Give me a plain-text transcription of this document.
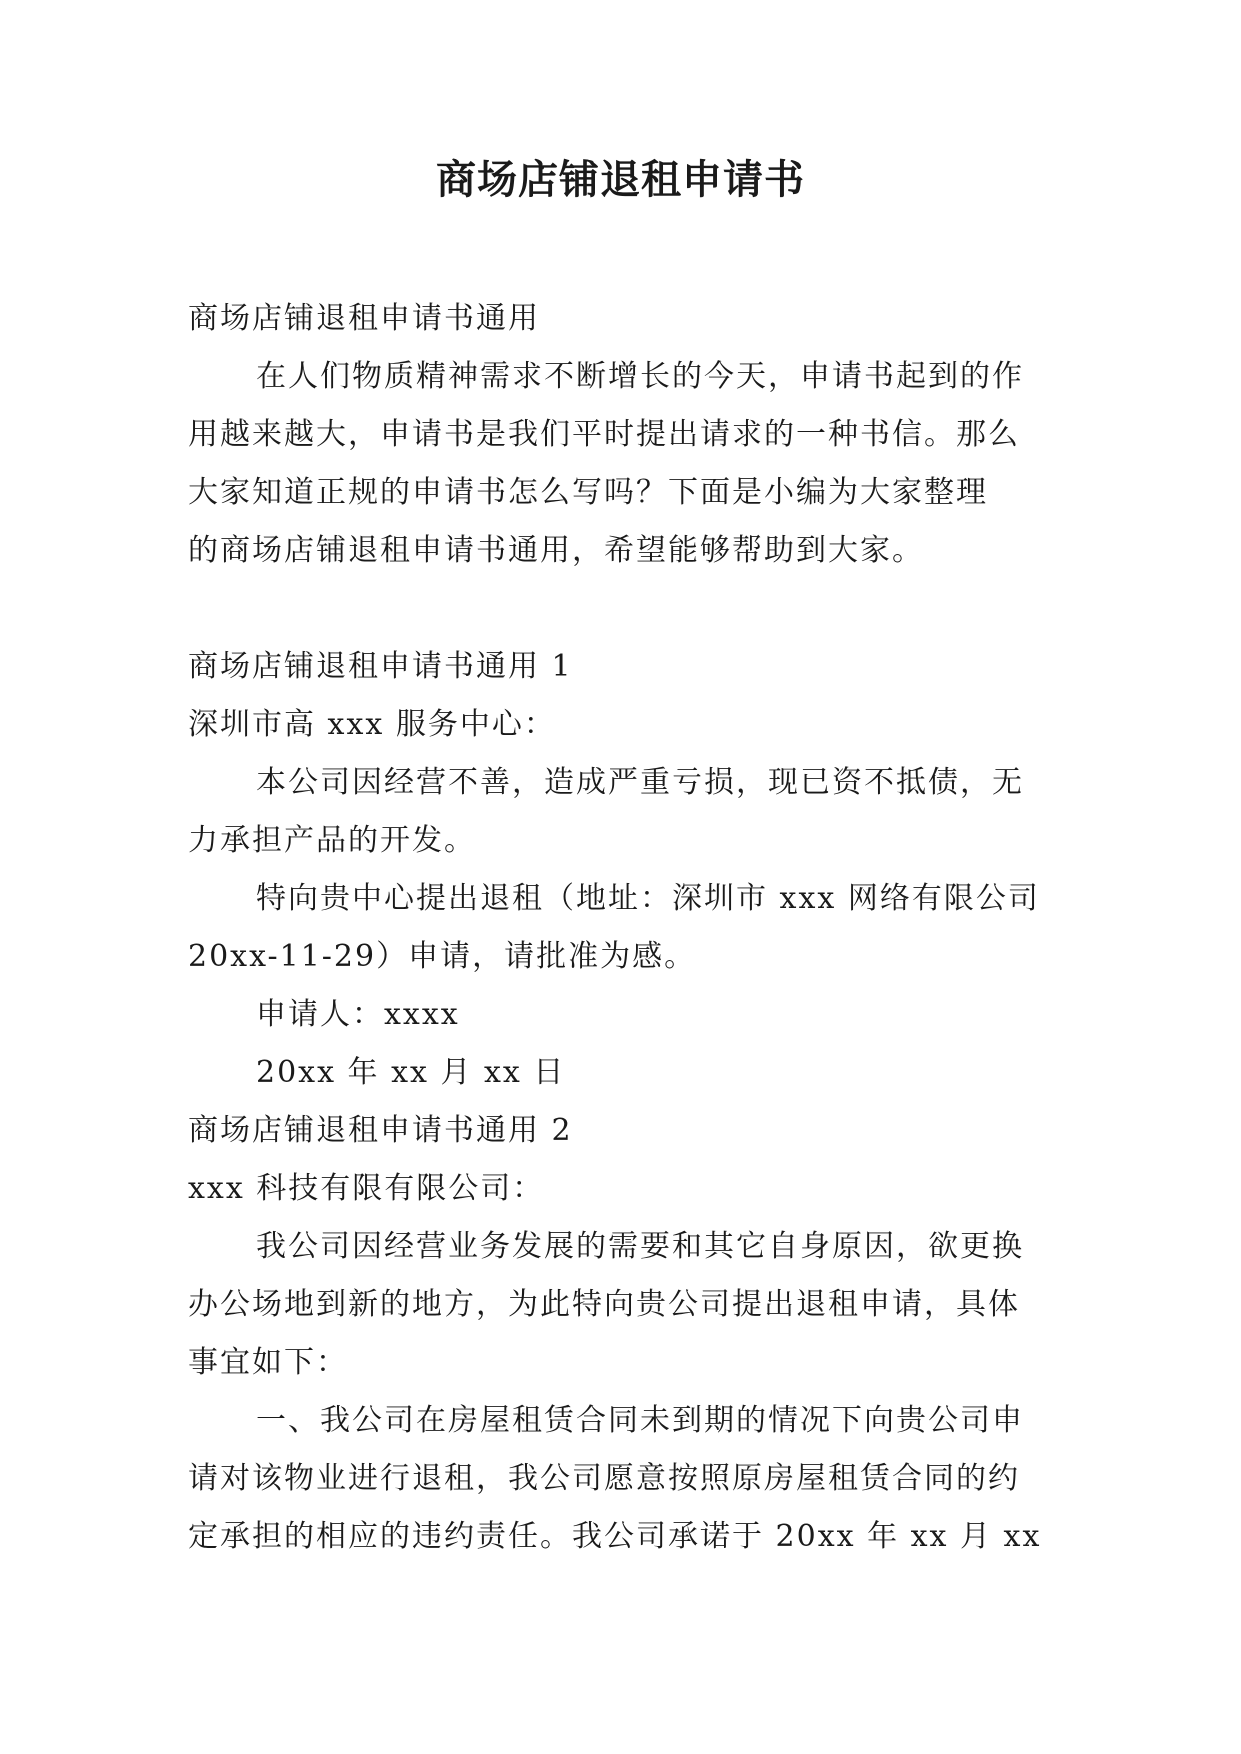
商场店铺退租申请书
商场店铺退租申请书通用
在人们物质精神需求不断增长的今天，申请书起到的作
用越来越大，申请书是我们平时提出请求的一种书信。那么
大家知道正规的申请书怎么写吗？下面是小编为大家整理
的商场店铺退租申请书通用，希望能够帮助到大家。
商场店铺退租申请书通用 1
深圳市高 xxx 服务中心：
本公司因经营不善，造成严重亏损，现已资不抵债，无
力承担产品的开发。
特向贵中心提出退租（地址：深圳市 xxx 网络有限公司
20xx-11-29）申请，请批准为感。
申请人：xxxx
20xx 年 xx 月 xx 日
商场店铺退租申请书通用 2
xxx 科技有限有限公司：
我公司因经营业务发展的需要和其它自身原因，欲更换
办公场地到新的地方，为此特向贵公司提出退租申请，具体
事宜如下：
一、我公司在房屋租赁合同未到期的情况下向贵公司申
请对该物业进行退租，我公司愿意按照原房屋租赁合同的约
定承担的相应的违约责任。我公司承诺于 20xx 年 xx 月 xx
